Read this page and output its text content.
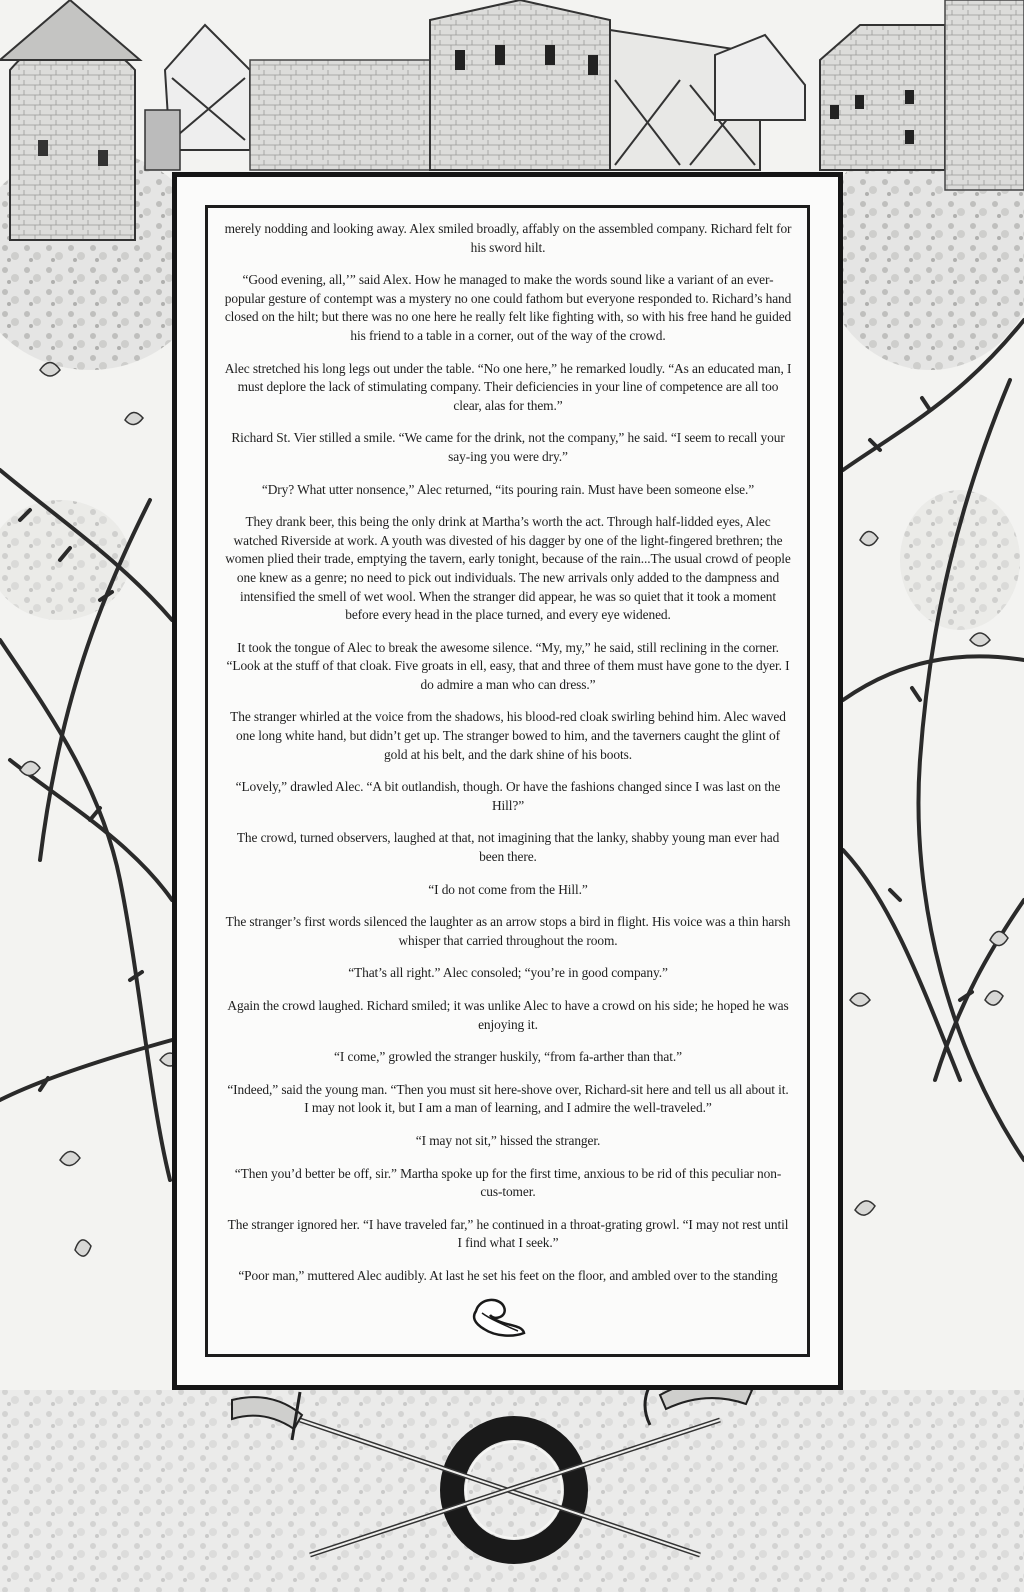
merely nodding and looking away. Alex smiled broadly, affably on the assembled company. Richard felt for his sword hilt.

“Good evening, all,’” said Alex. How he managed to make the words sound like a variant of an ever-popular gesture of contempt was a mystery no one could fathom but everyone responded to. Richard’s hand closed on the hilt; but there was no one here he really felt like fighting with, so with his free hand he guided his friend to a table in a corner, out of the way of the crowd.

Alec stretched his long legs out under the table. “No one here,” he remarked loudly. “As an educated man, I must deplore the lack of stimulating company. Their deficiencies in your line of competence are all too clear, alas for them.”

Richard St. Vier stilled a smile. “We came for the drink, not the company,” he said. “I seem to recall your say-ing you were dry.”

“Dry? What utter nonsence,” Alec returned, “its pouring rain. Must have been someone else.”

They drank beer, this being the only drink at Martha’s worth the act. Through half-lidded eyes, Alec watched Riverside at work. A youth was divested of his dagger by one of the light-fingered brethren; the women plied their trade, emptying the tavern, early tonight, because of the rain...The usual crowd of people one knew as a genre; no need to pick out individuals. The new arrivals only added to the dampness and intensified the smell of wet wool. When the stranger did appear, he was so quiet that it took a moment before every head in the place turned, and every eye widened.

It took the tongue of Alec to break the awesome silence. “My, my,” he said, still reclining in the corner. “Look at the stuff of that cloak. Five groats in ell, easy, that and three of them must have gone to the dyer. I do admire a man who can dress.”

The stranger whirled at the voice from the shadows, his blood-red cloak swirling behind him. Alec waved one long white hand, but didn’t get up. The stranger bowed to him, and the taverners caught the glint of gold at his belt, and the dark shine of his boots.

“Lovely,” drawled Alec. “A bit outlandish, though. Or have the fashions changed since I was last on the Hill?”

The crowd, turned observers, laughed at that, not imagining that the lanky, shabby young man ever had been there.

“I do not come from the Hill.”

The stranger’s first words silenced the laughter as an arrow stops a bird in flight. His voice was a thin harsh whisper that carried throughout the room.

“That’s all right.” Alec consoled; “you’re in good company.”

Again the crowd laughed. Richard smiled; it was unlike Alec to have a crowd on his side; he hoped he was enjoying it.

“I come,” growled the stranger huskily, “from fa-arther than that.”

“Indeed,” said the young man. “Then you must sit here-shove over, Richard-sit here and tell us all about it. I may not look it, but I am a man of learning, and I admire the well-traveled.”

“I may not sit,” hissed the stranger.

“Then you’d better be off, sir.” Martha spoke up for the first time, anxious to be rid of this peculiar non-cus-tomer.

The stranger ignored her. “I have traveled far,” he continued in a throat-grating growl. “I may not rest until I find what I seek.”

“Poor man,” muttered Alec audibly. At last he set his feet on the floor, and ambled over to the standing
